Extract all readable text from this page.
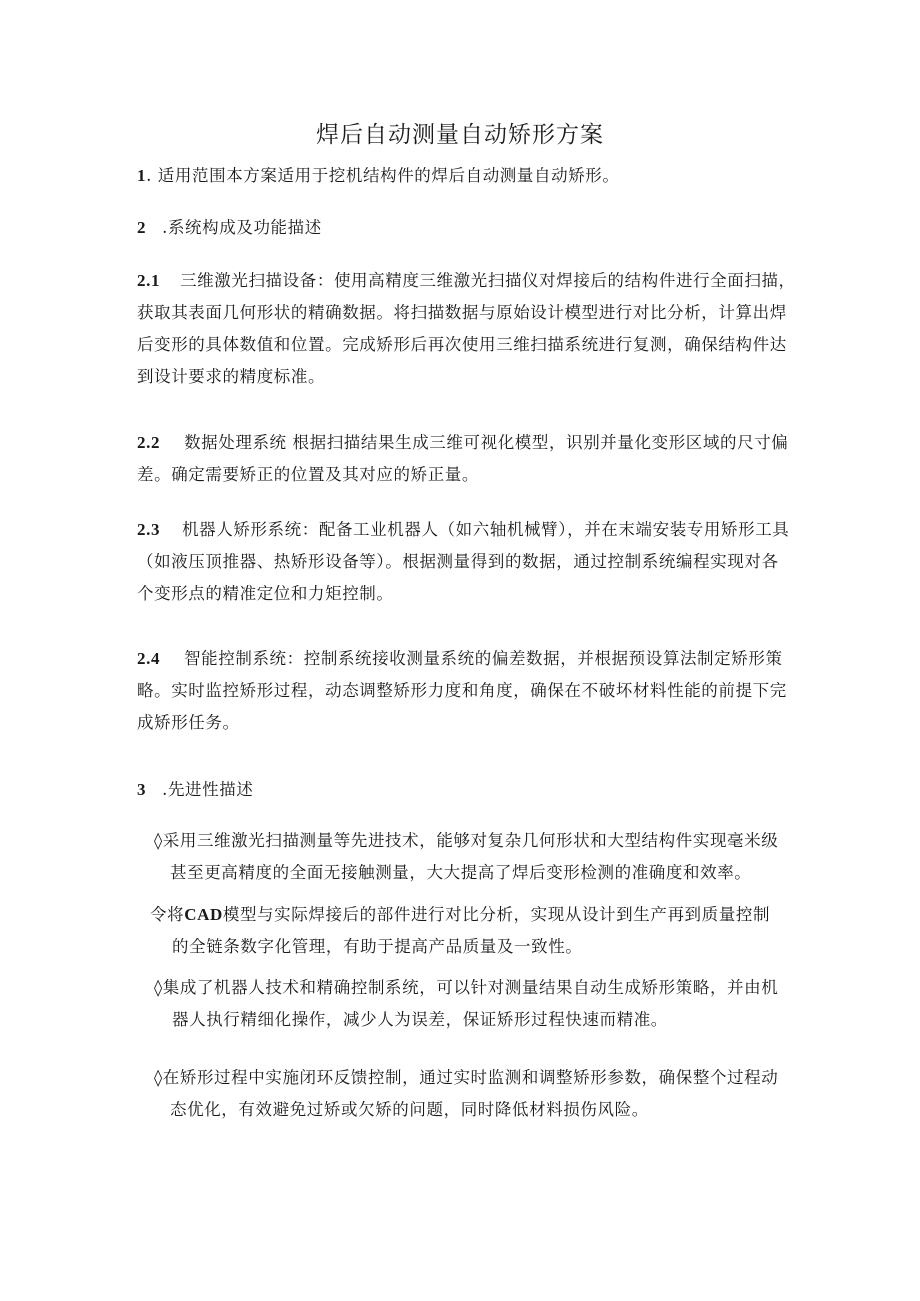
焊后自动测量自动矫形方案
1. 适用范围本方案适用于挖机结构件的焊后自动测量自动矫形。
2 .系统构成及功能描述
2.1 三维激光扫描设备：使用高精度三维激光扫描仪对焊接后的结构件进行全面扫描，
获取其表面几何形状的精确数据。将扫描数据与原始设计模型进行对比分析，计算出焊
后变形的具体数值和位置。完成矫形后再次使用三维扫描系统进行复测，确保结构件达
到设计要求的精度标准。
2.2 数据处理系统 根据扫描结果生成三维可视化模型，识别并量化变形区域的尺寸偏
差。确定需要矫正的位置及其对应的矫正量。
2.3 机器人矫形系统：配备工业机器人（如六轴机械臂），并在末端安装专用矫形工具
（如液压顶推器、热矫形设备等）。根据测量得到的数据，通过控制系统编程实现对各
个变形点的精准定位和力矩控制。
2.4 智能控制系统：控制系统接收测量系统的偏差数据，并根据预设算法制定矫形策
略。实时监控矫形过程，动态调整矫形力度和角度，确保在不破坏材料性能的前提下完
成矫形任务。
3 .先进性描述
◊采用三维激光扫描测量等先进技术，能够对复杂几何形状和大型结构件实现毫米级
甚至更高精度的全面无接触测量，大大提高了焊后变形检测的准确度和效率。
令将CAD模型与实际焊接后的部件进行对比分析，实现从设计到生产再到质量控制
的全链条数字化管理，有助于提高产品质量及一致性。
◊集成了机器人技术和精确控制系统，可以针对测量结果自动生成矫形策略，并由机
器人执行精细化操作，减少人为误差，保证矫形过程快速而精准。
◊在矫形过程中实施闭环反馈控制，通过实时监测和调整矫形参数，确保整个过程动
态优化，有效避免过矫或欠矫的问题，同时降低材料损伤风险。
